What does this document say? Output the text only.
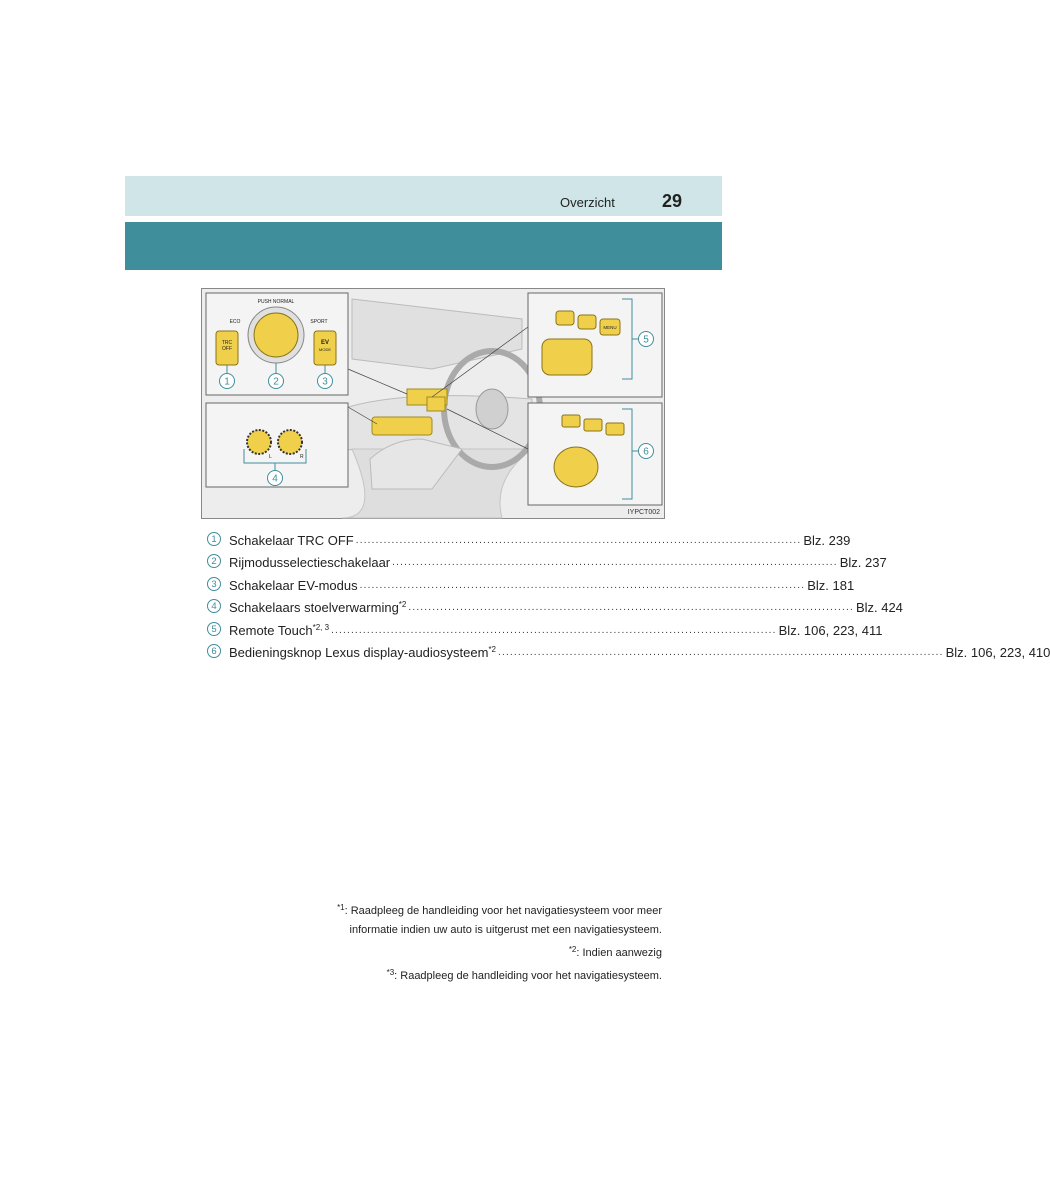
Overzicht	29
TRC
OFF
PUSH NORMAL
ECO	SPORT
EV
MODE
L	R
MENU
1	2	3
4
5
6
IYPCT002
1 Schakelaar TRC OFF ................................................................................................................ Blz. 239
2 Rijmodusselectieschakelaar ................................................................................................................ Blz. 237
3 Schakelaar EV-modus ................................................................................................................ Blz. 181
4 Schakelaars stoelverwarming$^{*2}$ ................................................................................................................ Blz. 424
5 Remote Touch$^{*2, 3}$ ................................................................................................................ Blz. 106, 223, 411
6 Bedieningsknop Lexus display-audiosysteem$^{*2}$ ................................................................................................................ Blz. 106, 223, 410
$^{*1}$: Raadpleeg de handleiding voor het navigatiesysteem voor meer
informatie indien uw auto is uitgerust met een navigatiesysteem.
$^{*2}$: Indien aanwezig
$^{*3}$: Raadpleeg de handleiding voor het navigatiesysteem.
